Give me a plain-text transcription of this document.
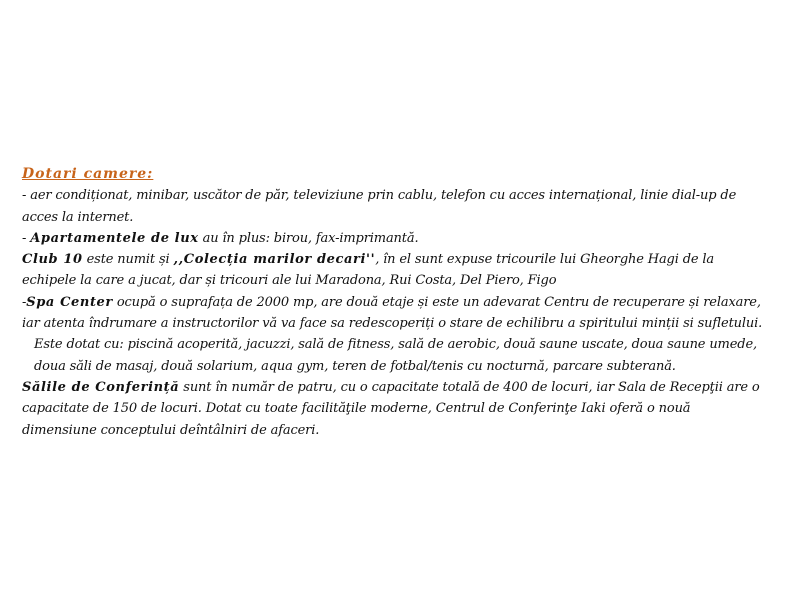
Dotari camere:

- aer condiționat, minibar, uscător de păr, televiziune prin cablu, telefon cu acces internațional, linie dial-up de acces la internet.

- Apartamentele de lux au în plus: birou, fax-imprimantă.

Club 10 este numit și ,,Colecția marilor decari'', în el sunt expuse tricourile lui Gheorghe Hagi de la echipele la care a jucat, dar și tricouri ale lui Maradona, Rui Costa, Del Piero, Figo

-Spa Center ocupă o suprafața de 2000 mp, are două etaje și este un adevarat Centru de recuperare și relaxare, iar atenta îndrumare a instructorilor vă va face sa redescoperiți o stare de echilibru a spiritului minții si sufletului.

Este dotat cu: piscină acoperită, jacuzzi, sală de fitness, sală de aerobic, două saune uscate, doua saune umede, doua săli de masaj, două solarium, aqua gym, teren de fotbal/tenis cu nocturnă, parcare subterană.

Sălile de Conferință sunt în număr de patru, cu o capacitate totală de 400 de locuri, iar Sala de Recepţii are o capacitate de 150 de locuri. Dotat cu toate facilităţile moderne, Centrul de Conferinţe Iaki oferă o nouă dimensiune conceptului deîntâlniri de afaceri.
